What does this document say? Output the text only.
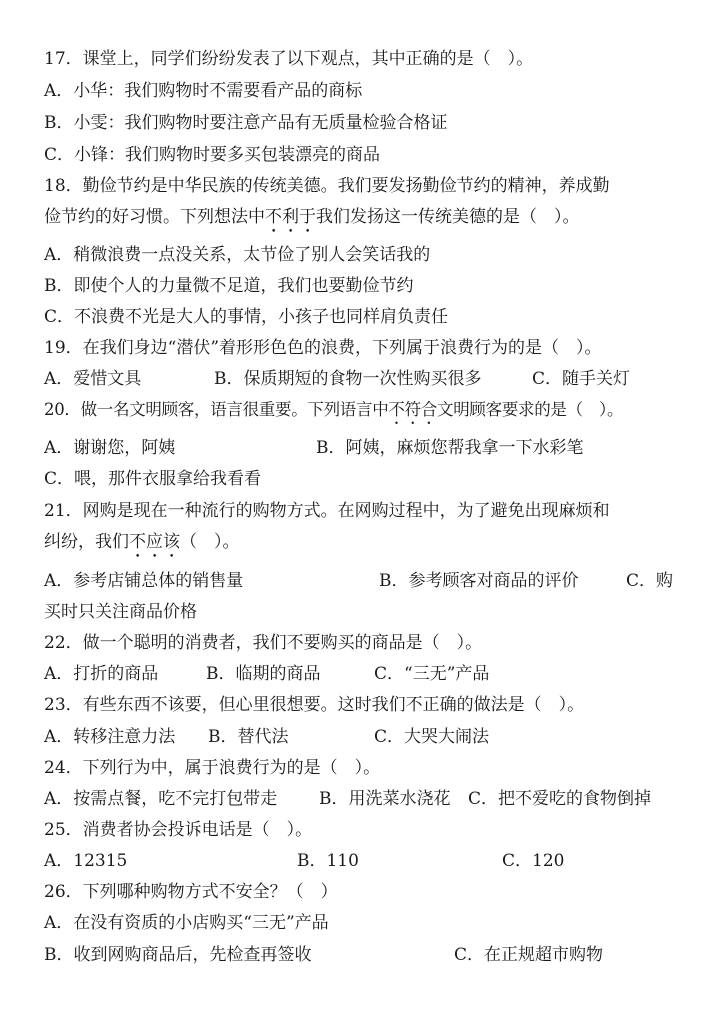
17．课堂上，同学们纷纷发表了以下观点，其中正确的是（　）。
A．小华：我们购物时不需要看产品的商标
B．小雯：我们购物时要注意产品有无质量检验合格证
C．小锋：我们购物时要多买包装漂亮的商品
18．勤俭节约是中华民族的传统美德。我们要发扬勤俭节约的精神，养成勤
俭节约的好习惯。下列想法中不利于我们发扬这一传统美德的是（　）。
A．稍微浪费一点没关系，太节俭了别人会笑话我的
B．即使个人的力量微不足道，我们也要勤俭节约
C．不浪费不光是大人的事情，小孩子也同样肩负责任
19．在我们身边“潜伏”着形形色色的浪费，下列属于浪费行为的是（　）。
A．爱惜文具	B．保质期短的食物一次性购买很多	C．随手关灯
20．做一名文明顾客，语言很重要。下列语言中不符合文明顾客要求的是（　）。
A．谢谢您，阿姨	B．阿姨，麻烦您帮我拿一下水彩笔
C．喂，那件衣服拿给我看看
21．网购是现在一种流行的购物方式。在网购过程中，为了避免出现麻烦和
纠纷，我们不应该（　）。
A．参考店铺总体的销售量	B．参考顾客对商品的评价	C．购
买时只关注商品价格
22．做一个聪明的消费者，我们不要购买的商品是（　）。
A．打折的商品	B．临期的商品	C．“三无”产品
23．有些东西不该要，但心里很想要。这时我们不正确的做法是（　）。
A．转移注意力法 B．替代法	C．大哭大闹法
24．下列行为中，属于浪费行为的是（　）。
A．按需点餐，吃不完打包带走 B．用洗菜水浇花 C．把不爱吃的食物倒掉
25．消费者协会投诉电话是（　）。
A．12315	B．110	C．120
26．下列哪种购物方式不安全？（　）
A．在没有资质的小店购买“三无”产品
B．收到网购商品后，先检查再签收	C．在正规超市购物
